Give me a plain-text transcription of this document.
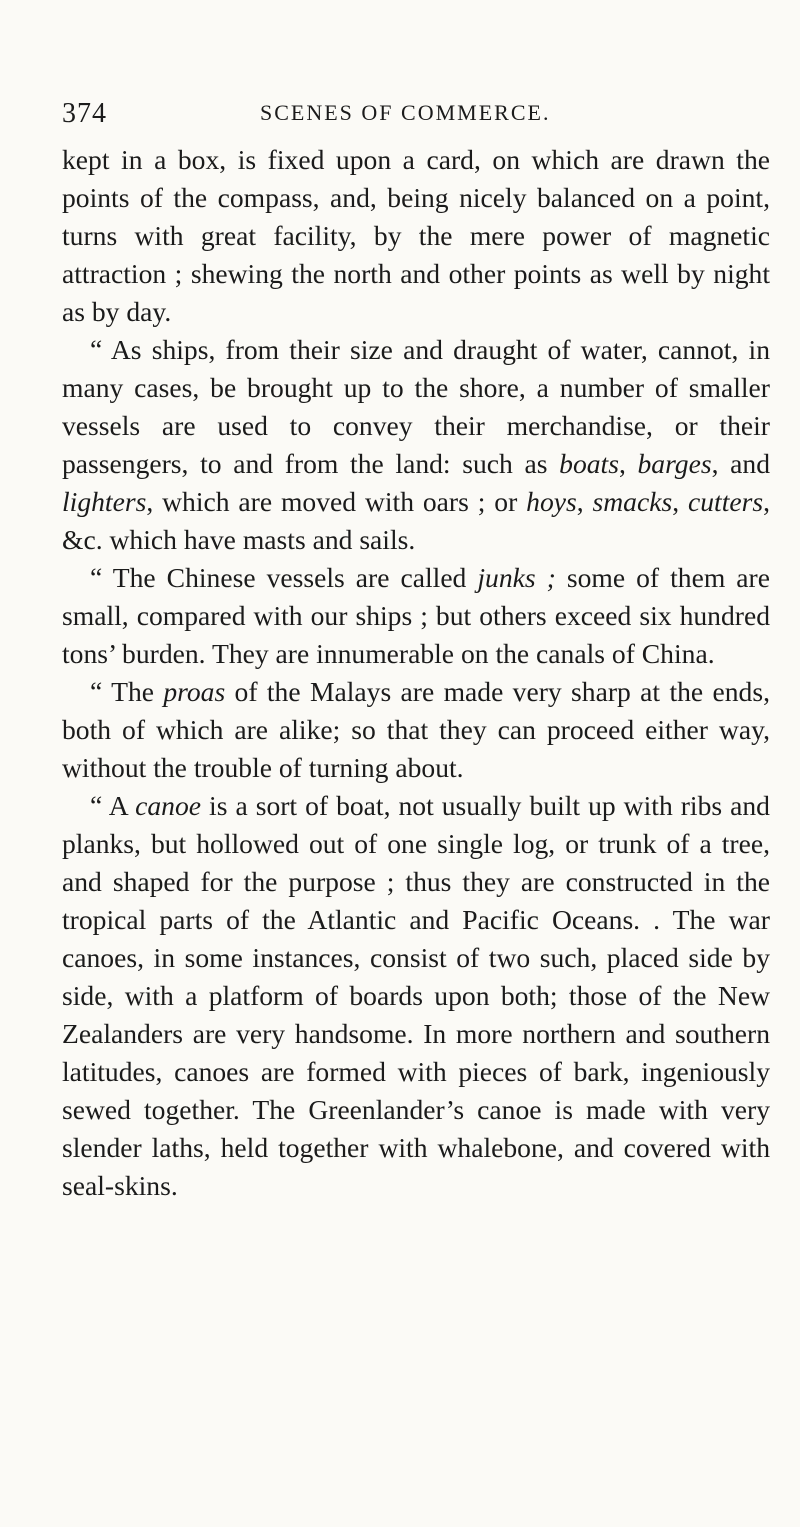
374	SCENES OF COMMERCE.

kept in a box, is fixed upon a card, on which are drawn the points of the compass, and, being nicely balanced on a point, turns with great facility, by the mere power of magnetic attraction ; shewing the north and other points as well by night as by day.

“ As ships, from their size and draught of water, cannot, in many cases, be brought up to the shore, a number of smaller vessels are used to convey their merchandise, or their passengers, to and from the land: such as boats, barges, and lighters, which are moved with oars ; or hoys, smacks, cutters, &c. which have masts and sails.

“ The Chinese vessels are called junks ; some of them are small, compared with our ships ; but others exceed six hundred tons’ burden. They are innumerable on the canals of China.

“ The proas of the Malays are made very sharp at the ends, both of which are alike; so that they can proceed either way, without the trouble of turning about.

“ A canoe is a sort of boat, not usually built up with ribs and planks, but hollowed out of one single log, or trunk of a tree, and shaped for the purpose ; thus they are constructed in the tropical parts of the Atlantic and Pacific Oceans. . The war canoes, in some instances, consist of two such, placed side by side, with a platform of boards upon both; those of the New Zealanders are very handsome. In more northern and southern latitudes, canoes are formed with pieces of bark, ingeniously sewed together. The Greenlander’s canoe is made with very slender laths, held together with whalebone, and covered with seal-skins.
